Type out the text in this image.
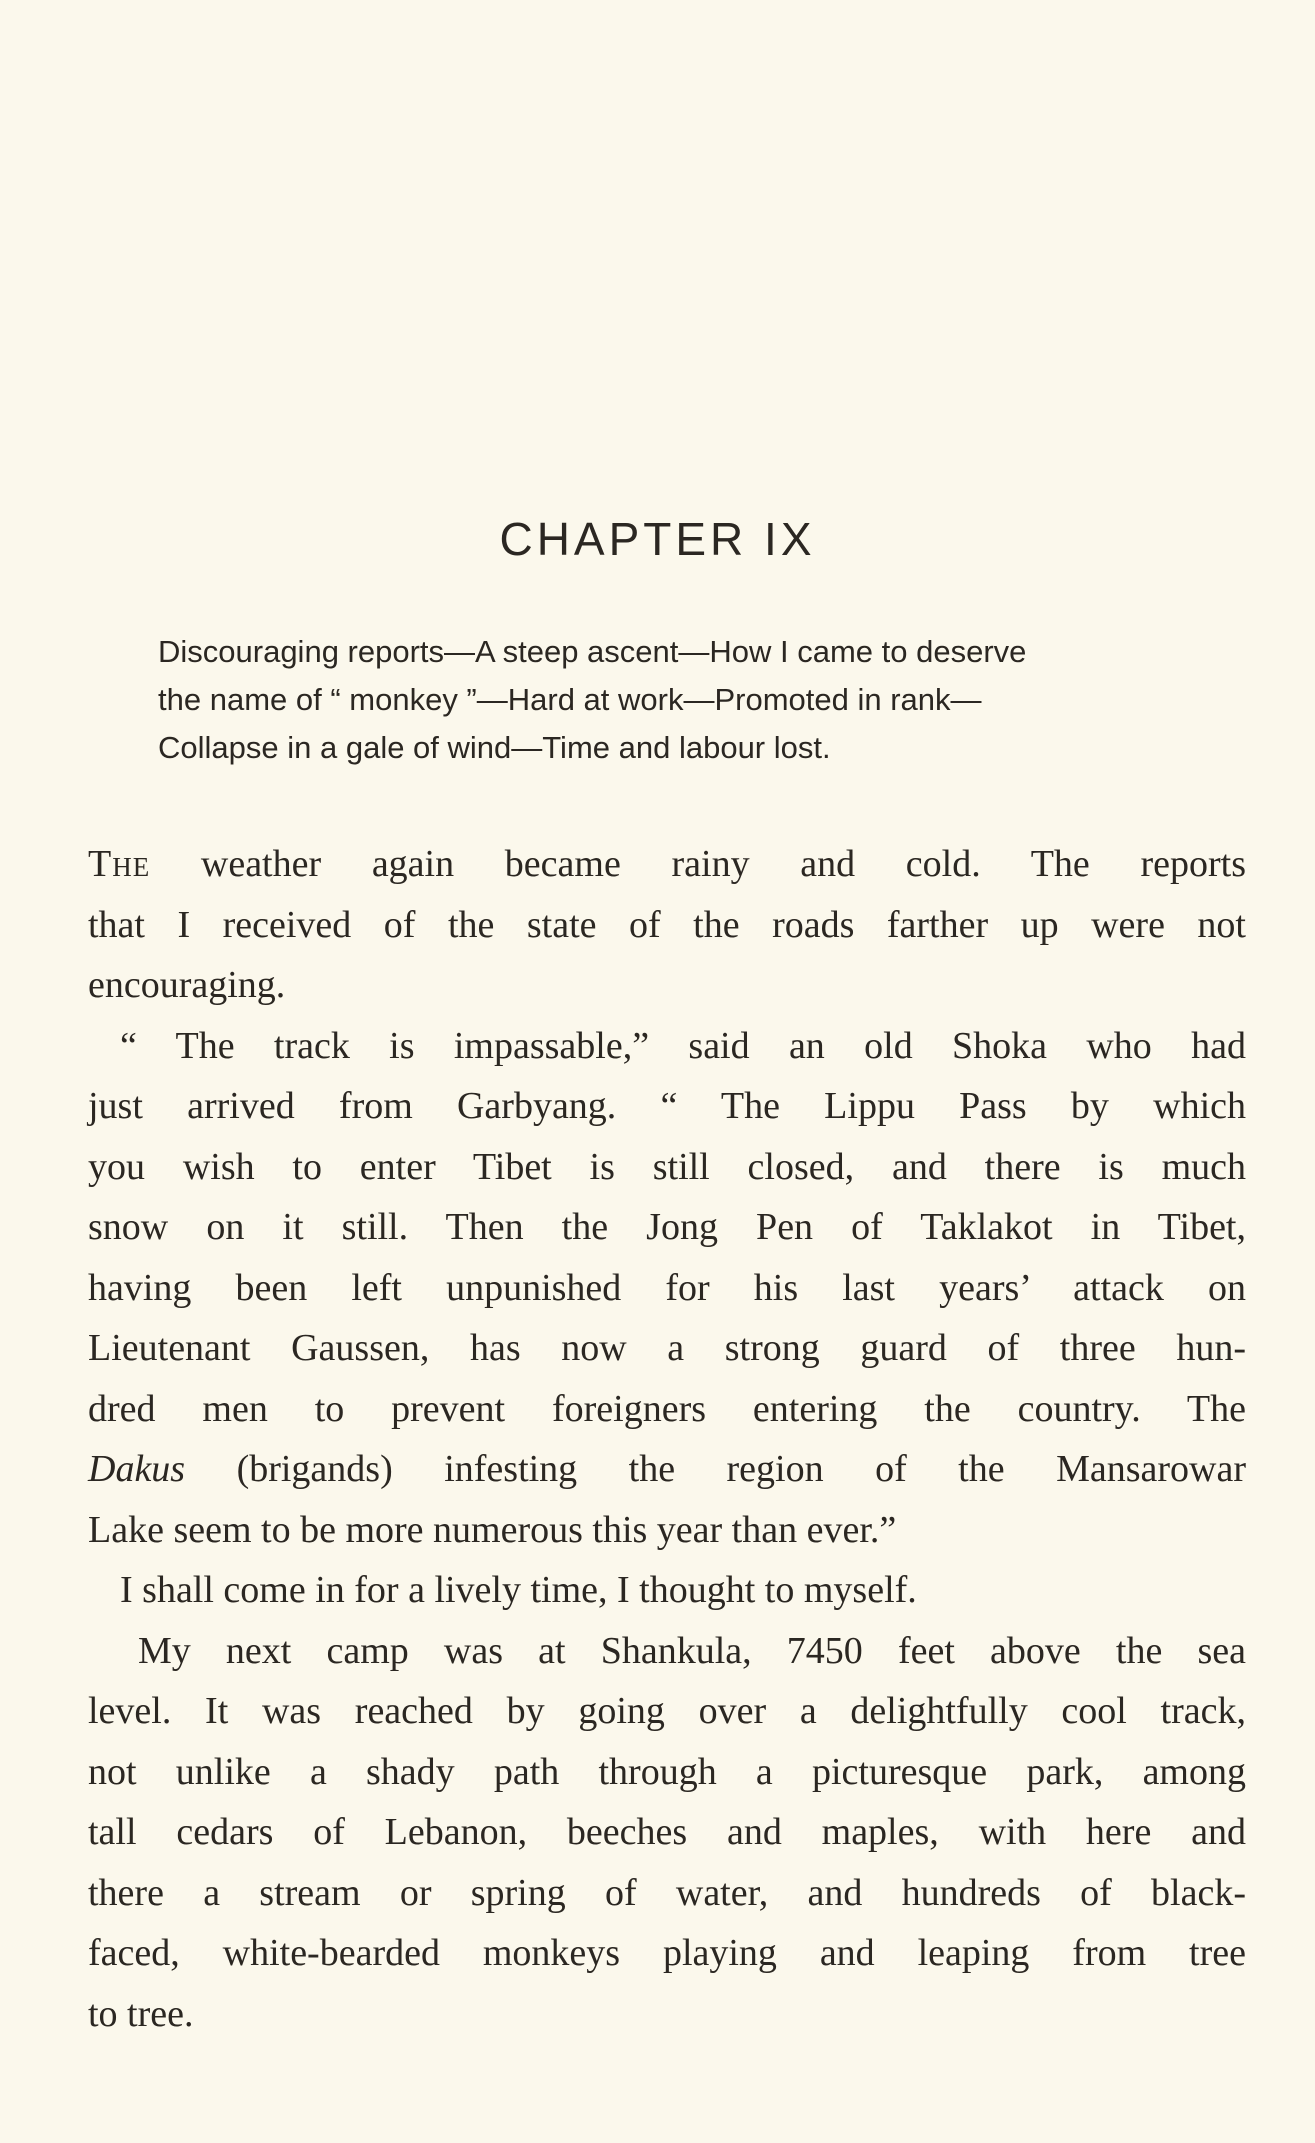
CHAPTER IX
Discouraging reports—A steep ascent—How I came to deserve
the name of “ monkey ”—Hard at work—Promoted in rank—
Collapse in a gale of wind—Time and labour lost.
The weather again became rainy and cold. The reports
that I received of the state of the roads farther up were not
encouraging.
“ The track is impassable,” said an old Shoka who had
just arrived from Garbyang. “ The Lippu Pass by which
you wish to enter Tibet is still closed, and there is much
snow on it still. Then the Jong Pen of Taklakot in Tibet,
having been left unpunished for his last years’ attack on
Lieutenant Gaussen, has now a strong guard of three hun-
dred men to prevent foreigners entering the country. The
Dakus (brigands) infesting the region of the Mansarowar
Lake seem to be more numerous this year than ever.”
I shall come in for a lively time, I thought to myself.
My next camp was at Shankula, 7450 feet above the sea
level. It was reached by going over a delightfully cool track,
not unlike a shady path through a picturesque park, among
tall cedars of Lebanon, beeches and maples, with here and
there a stream or spring of water, and hundreds of black-
faced, white-bearded monkeys playing and leaping from tree
to tree.
